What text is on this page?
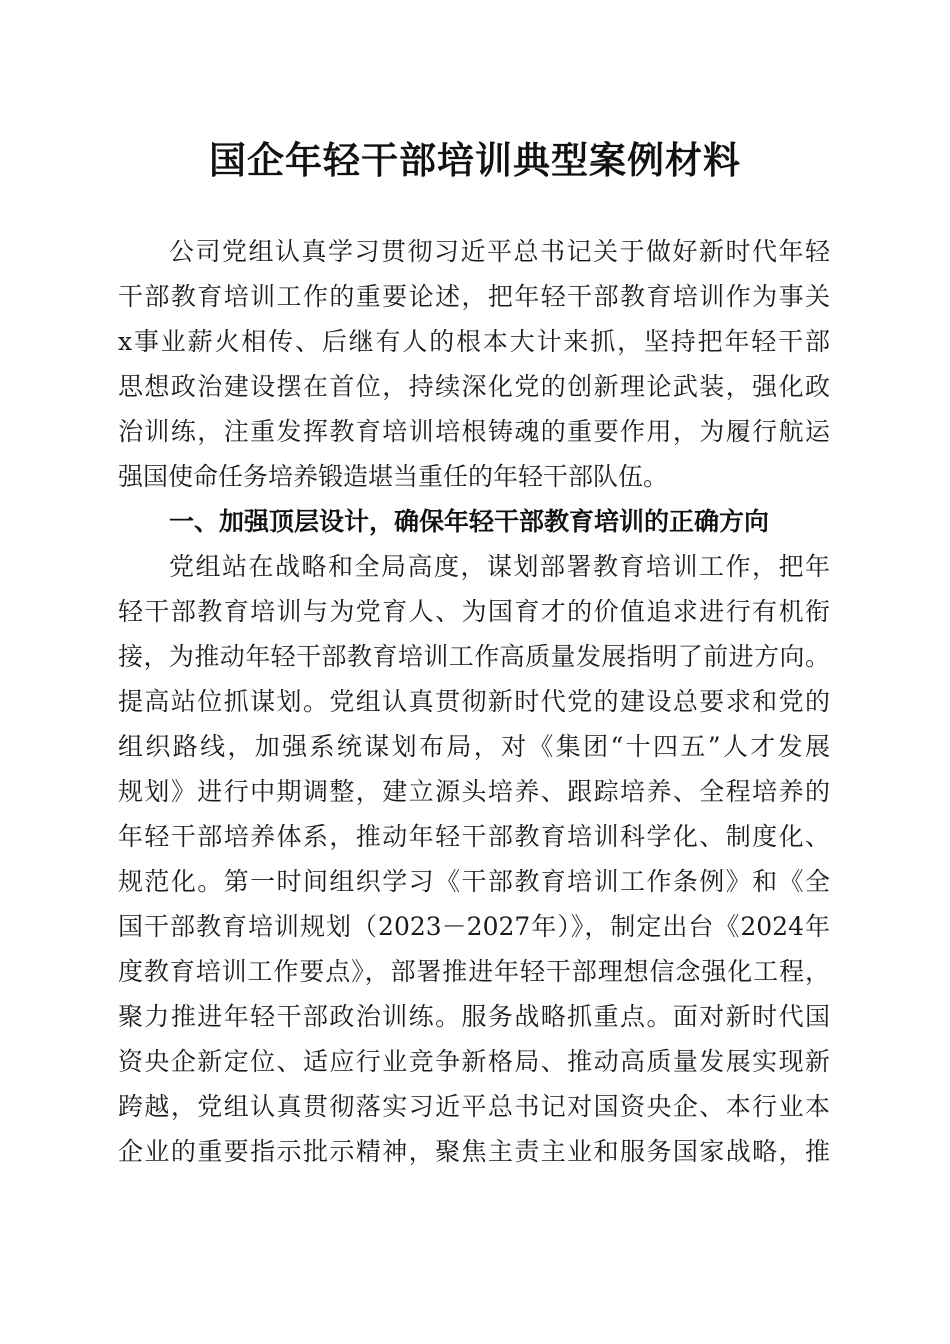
国企年轻干部培训典型案例材料
公司党组认真学习贯彻习近平总书记关于做好新时代年轻
干部教育培训工作的重要论述，把年轻干部教育培训作为事关
x事业薪火相传、后继有人的根本大计来抓，坚持把年轻干部
思想政治建设摆在首位，持续深化党的创新理论武装，强化政
治训练，注重发挥教育培训培根铸魂的重要作用，为履行航运
强国使命任务培养锻造堪当重任的年轻干部队伍。
一、加强顶层设计，确保年轻干部教育培训的正确方向
党组站在战略和全局高度，谋划部署教育培训工作，把年
轻干部教育培训与为党育人、为国育才的价值追求进行有机衔
接，为推动年轻干部教育培训工作高质量发展指明了前进方向。
提高站位抓谋划。党组认真贯彻新时代党的建设总要求和党的
组织路线，加强系统谋划布局，对《集团“十四五”人才发展
规划》进行中期调整，建立源头培养、跟踪培养、全程培养的
年轻干部培养体系，推动年轻干部教育培训科学化、制度化、
规范化。第一时间组织学习《干部教育培训工作条例》和《全
国干部教育培训规划（2023－2027年）》，制定出台《2024年
度教育培训工作要点》，部署推进年轻干部理想信念强化工程，
聚力推进年轻干部政治训练。服务战略抓重点。面对新时代国
资央企新定位、适应行业竞争新格局、推动高质量发展实现新
跨越，党组认真贯彻落实习近平总书记对国资央企、本行业本
企业的重要指示批示精神，聚焦主责主业和服务国家战略，推
